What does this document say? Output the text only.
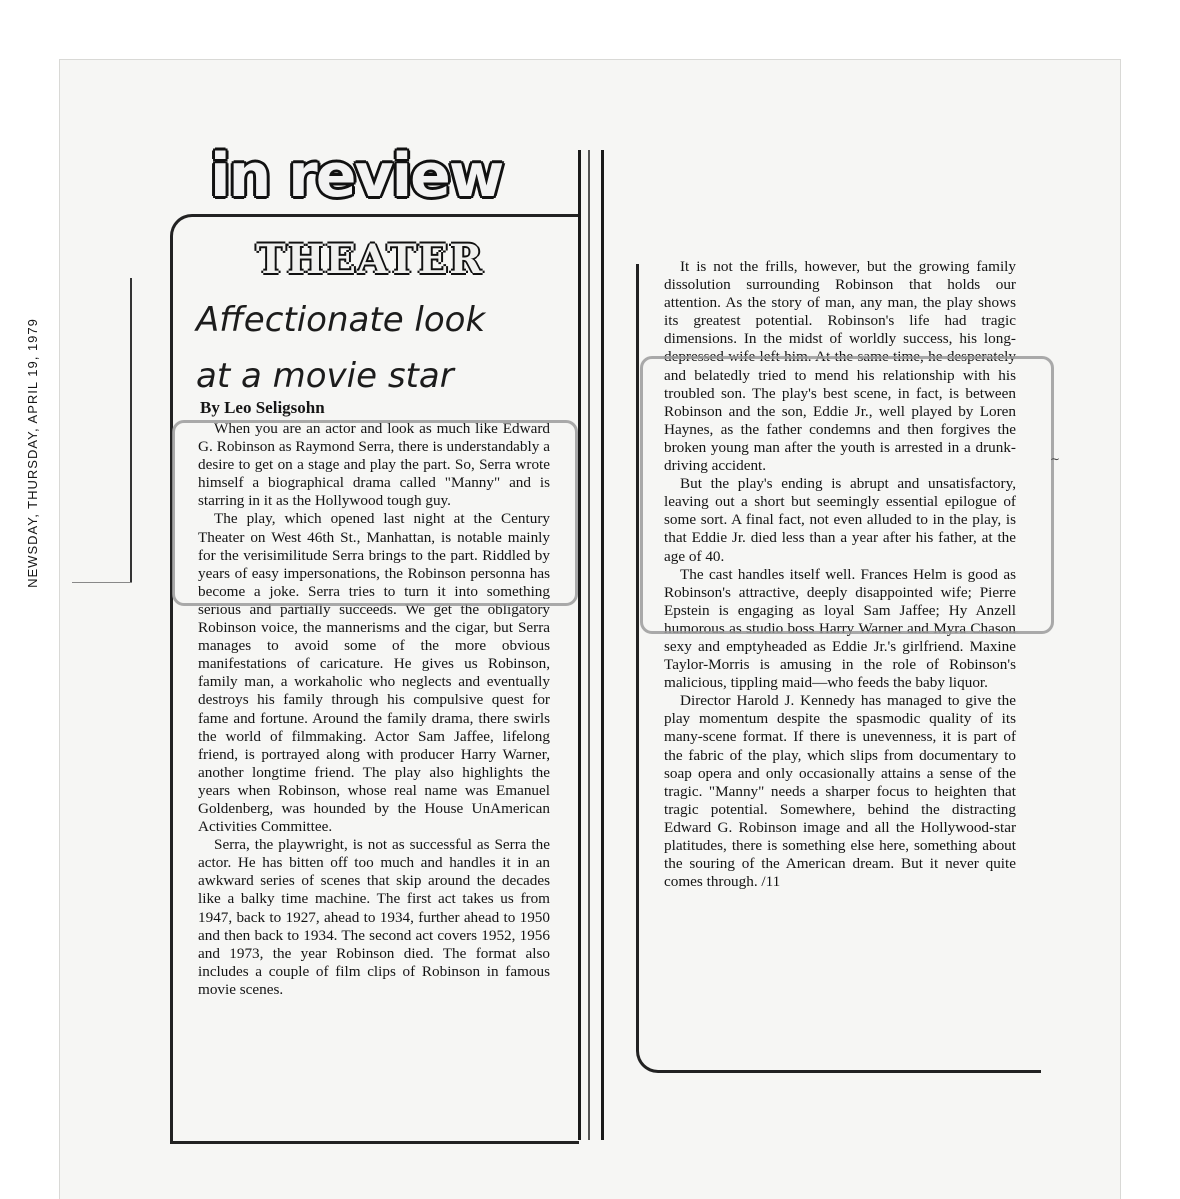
NEWSDAY, THURSDAY, APRIL 19, 1979
in review
THEATER
Affectionate look
at a movie star
By Leo Seligsohn

When you are an actor and look as much like Edward G. Robinson as Raymond Serra, there is understandably a desire to get on a stage and play the part. So, Serra wrote himself a biographical drama called "Manny" and is starring in it as the Hollywood tough guy.

The play, which opened last night at the Century Theater on West 46th St., Manhattan, is notable mainly for the verisimilitude Serra brings to the part. Riddled by years of easy impersonations, the Robinson personna has become a joke. Serra tries to turn it into something serious and partially succeeds. We get the obligatory Robinson voice, the mannerisms and the cigar, but Serra manages to avoid some of the more obvious manifestations of caricature. He gives us Robinson, family man, a workaholic who neglects and eventually destroys his family through his compulsive quest for fame and fortune. Around the family drama, there swirls the world of filmmaking. Actor Sam Jaffee, lifelong friend, is portrayed along with producer Harry Warner, another longtime friend. The play also highlights the years when Robinson, whose real name was Emanuel Goldenberg, was hounded by the House UnAmerican Activities Committee.

Serra, the playwright, is not as successful as Serra the actor. He has bitten off too much and handles it in an awkward series of scenes that skip around the decades like a balky time machine. The first act takes us from 1947, back to 1927, ahead to 1934, further ahead to 1950 and then back to 1934. The second act covers 1952, 1956 and 1973, the year Robinson died. The format also includes a couple of film clips of Robinson in famous movie scenes.

It is not the frills, however, but the growing family dissolution surrounding Robinson that holds our attention. As the story of man, any man, the play shows its greatest potential. Robinson's life had tragic dimensions. In the midst of worldly success, his long-depressed wife left him. At the same time, he desperately and belatedly tried to mend his relationship with his troubled son. The play's best scene, in fact, is between Robinson and the son, Eddie Jr., well played by Loren Haynes, as the father condemns and then forgives the broken young man after the youth is arrested in a drunk-driving accident.

But the play's ending is abrupt and unsatisfactory, leaving out a short but seemingly essential epilogue of some sort. A final fact, not even alluded to in the play, is that Eddie Jr. died less than a year after his father, at the age of 40.

The cast handles itself well. Frances Helm is good as Robinson's attractive, deeply disappointed wife; Pierre Epstein is engaging as loyal Sam Jaffee; Hy Anzell humorous as studio boss Harry Warner and Myra Chason sexy and emptyheaded as Eddie Jr.'s girlfriend. Maxine Taylor-Morris is amusing in the role of Robinson's malicious, tippling maid—who feeds the baby liquor.

Director Harold J. Kennedy has managed to give the play momentum despite the spasmodic quality of its many-scene format. If there is unevenness, it is part of the fabric of the play, which slips from documentary to soap opera and only occasionally attains a sense of the tragic. "Manny" needs a sharper focus to heighten that tragic potential. Somewhere, behind the distracting Edward G. Robinson image and all the Hollywood-star platitudes, there is something else here, something about the souring of the American dream. But it never quite comes through. /11

∼
